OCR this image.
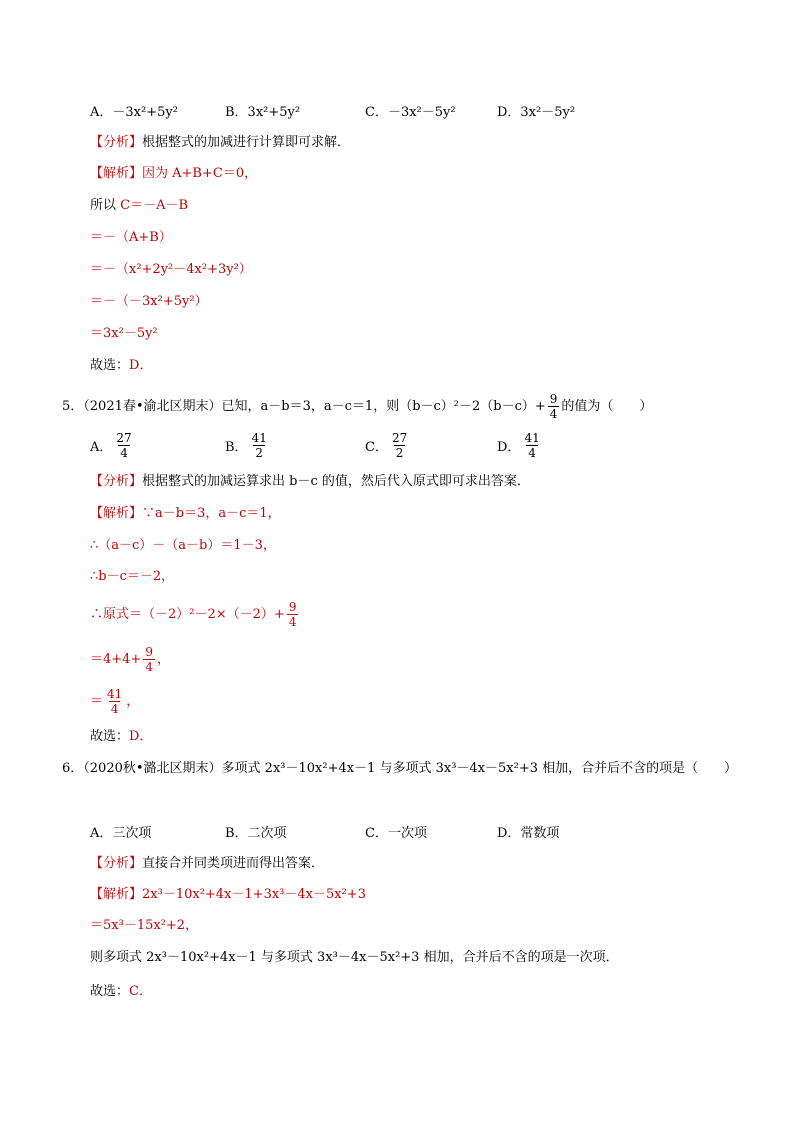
A．－3x²+5y²	B．3x²+5y²	C．－3x²－5y²	D．3x²－5y²
【分析】根据整式的加减进行计算即可求解．
【解析】因为 A+B+C＝0，
所以 C＝－A－B
＝－（A+B）
＝－（x²+2y²－4x²+3y²）
＝－（－3x²+5y²）
＝3x²－5y²
故选：D．
5．（2021春•渝北区期末）已知，a－b＝3，a－c＝1，则$(b-c)^2-2(b-c)+ \frac{9}{4}$ 的值为（　　）
A． $\frac{27}{4}$	B． $\frac{41}{2}$	C． $\frac{27}{2}$	D． $\frac{41}{4}$
【分析】根据整式的加减运算求出 b－c 的值，然后代入原式即可求出答案．
【解析】∵a－b＝3，a－c＝1，
∴（a－c）－（a－b）＝1－3，
∴b－c＝－2，
∴原式$=(-2)^2-2\times(-2)+ \frac{9}{4}$
$=4+4+ \frac{9}{4}$ ，
＝ $\frac{41}{4}$ ，
故选：D．
6．（2020秋•潞北区期末）多项式 2x³－10x²+4x－1 与多项式 3x³－4x－5x²+3 相加，合并后不含的项是（　　）
A．三次项	B．二次项	C．一次项	D．常数项
【分析】直接合并同类项进而得出答案．
【解析】2x³－10x²+4x－1+3x³－4x－5x²+3
＝5x³－15x²+2，
则多项式 2x³－10x²+4x－1 与多项式 3x³－4x－5x²+3 相加，合并后不含的项是一次项．
故选：C．
